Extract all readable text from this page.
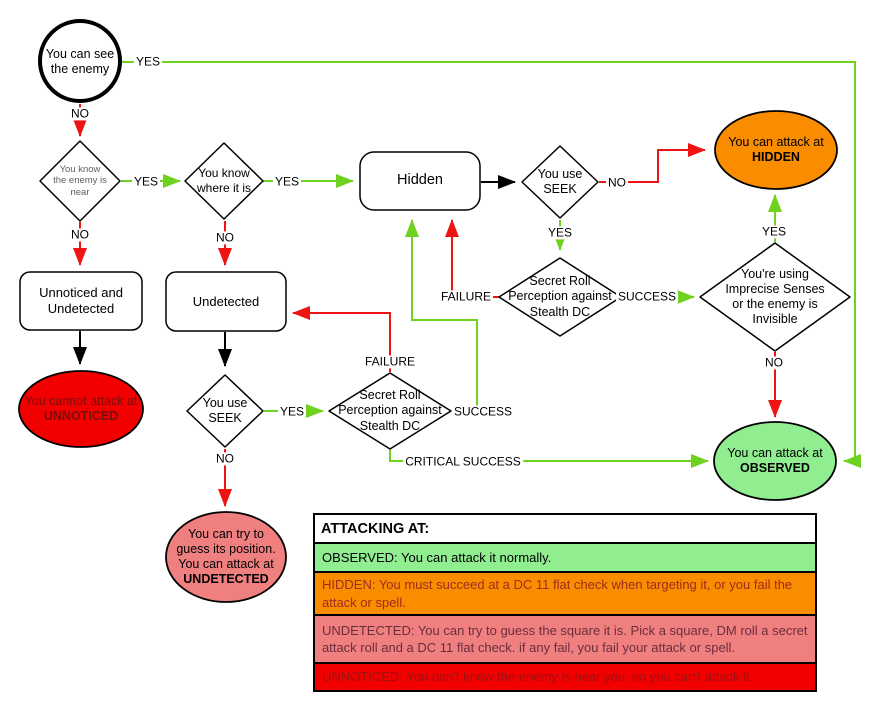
You can see
the enemy
You know
the enemy is
near
You know
where it is	Hidden	You use
SEEK
Secret Roll
Perception against
Stealth DC
You're using
Imprecise Senses
or the enemy is
Invisible
Unnoticed and
Undetected	Undetected
You use
SEEK
Secret Roll
Perception against
Stealth DC
You can attack at
HIDDEN
You can attack at
OBSERVED
You cannot attack at
UNNOTICED
You can try to
guess its position.
You can attack at
UNDETECTED
YES
NO
YES
NO
YES
NO
NO
YES
FAILURE	SUCCESS
YES
NO
YES
NO
FAILURE
SUCCESS
CRITICAL SUCCESS
ATTACKING AT:
OBSERVED: You can attack it normally.
HIDDEN: You must succeed at a DC 11 flat check when targeting it, or you fail the attack or spell.
UNDETECTED: You can try to guess the square it is. Pick a square, DM roll a secret attack roll and a DC 11 flat check. if any fail, you fail your attack or spell.
UNNOTICED: You don't know the enemy is near you, so you can't attack it.
